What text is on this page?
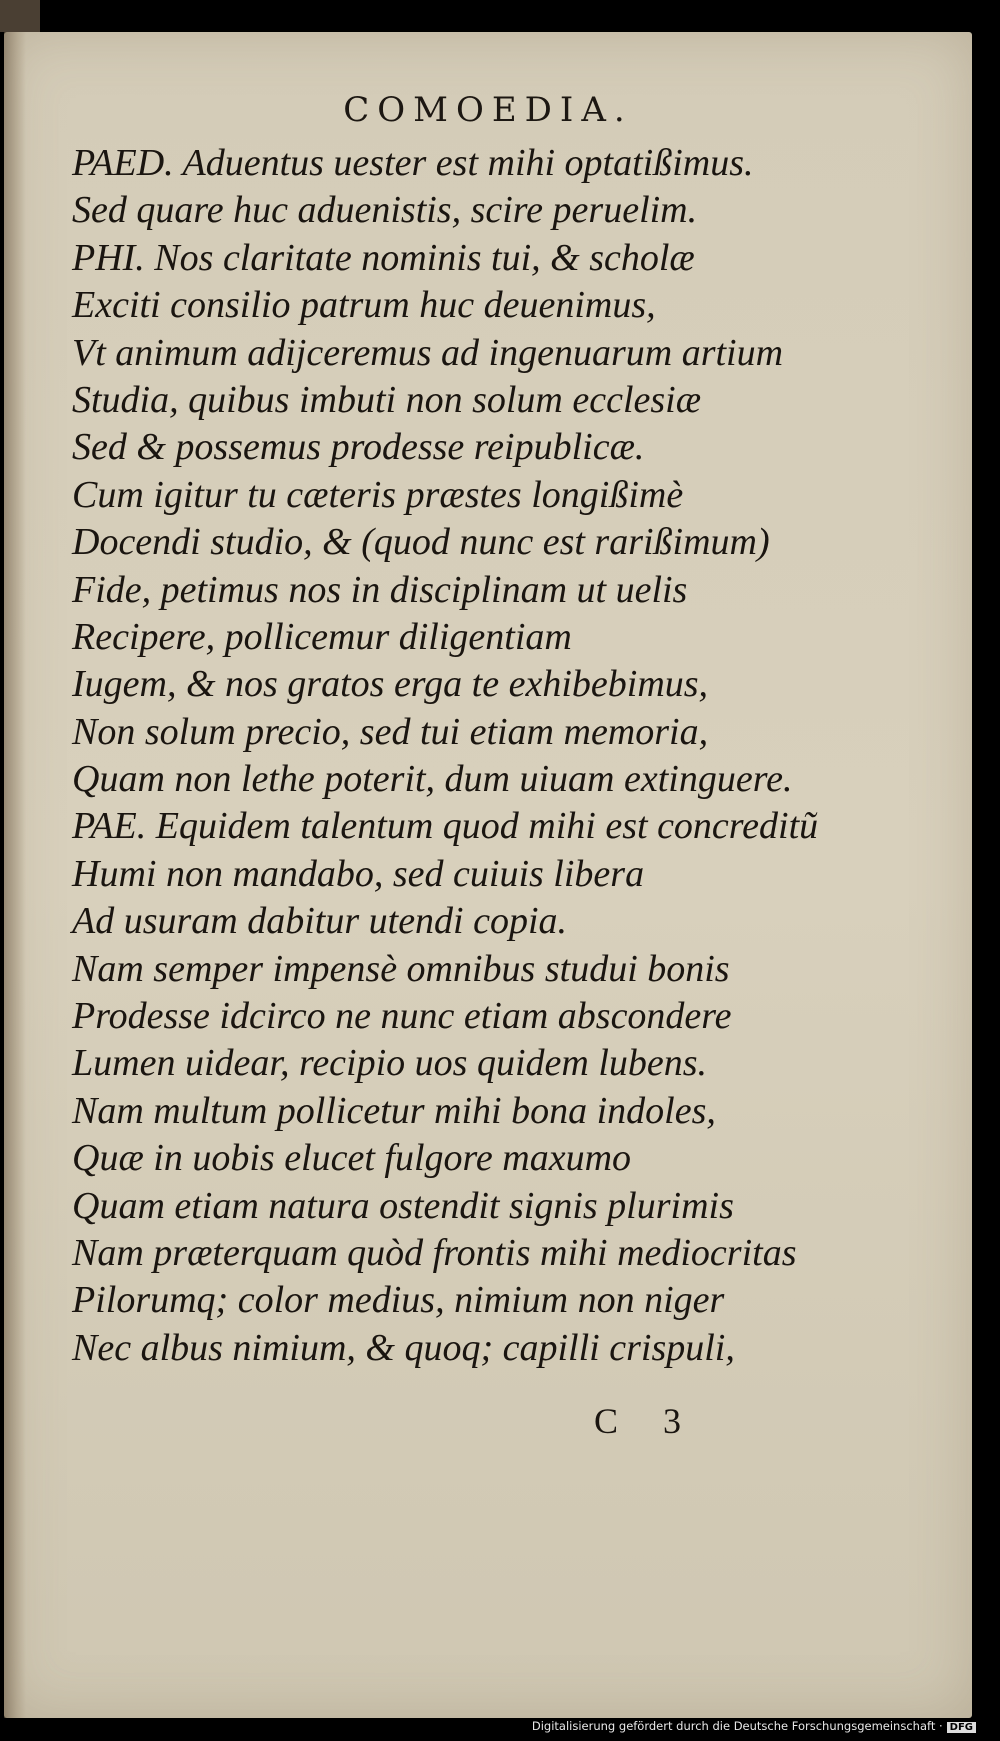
COMOEDIA.
PAED. Aduentus uester est mihi optatißimus.
Sed quare huc aduenistis, scire peruelim.
PHI. Nos claritate nominis tui, & scholæ
Exciti consilio patrum huc deuenimus,
Vt animum adijceremus ad ingenuarum artium
Studia, quibus imbuti non solum ecclesiæ
Sed & possemus prodesse reipublicæ.
Cum igitur tu cæteris præstes longißimè
Docendi studio, & (quod nunc est rarißimum)
Fide, petimus nos in disciplinam ut uelis
Recipere, pollicemur diligentiam
Iugem, & nos gratos erga te exhibebimus,
Non solum precio, sed tui etiam memoria,
Quam non lethe poterit, dum uiuam extinguere.
PAE. Equidem talentum quod mihi est concreditũ
Humi non mandabo, sed cuiuis libera
Ad usuram dabitur utendi copia.
Nam semper impensè omnibus studui bonis
Prodesse idcirco ne nunc etiam abscondere
Lumen uidear, recipio uos quidem lubens.
Nam multum pollicetur mihi bona indoles,
Quæ in uobis elucet fulgore maxumo
Quam etiam natura ostendit signis plurimis
Nam prӕterquam quòd frontis mihi mediocritas
Pilorumq; color medius, nimium non niger
Nec albus nimium, & quoq; capilli crispuli,
C 3
Digitalisierung gefördert durch die Deutsche Forschungsgemeinschaft · DFG
